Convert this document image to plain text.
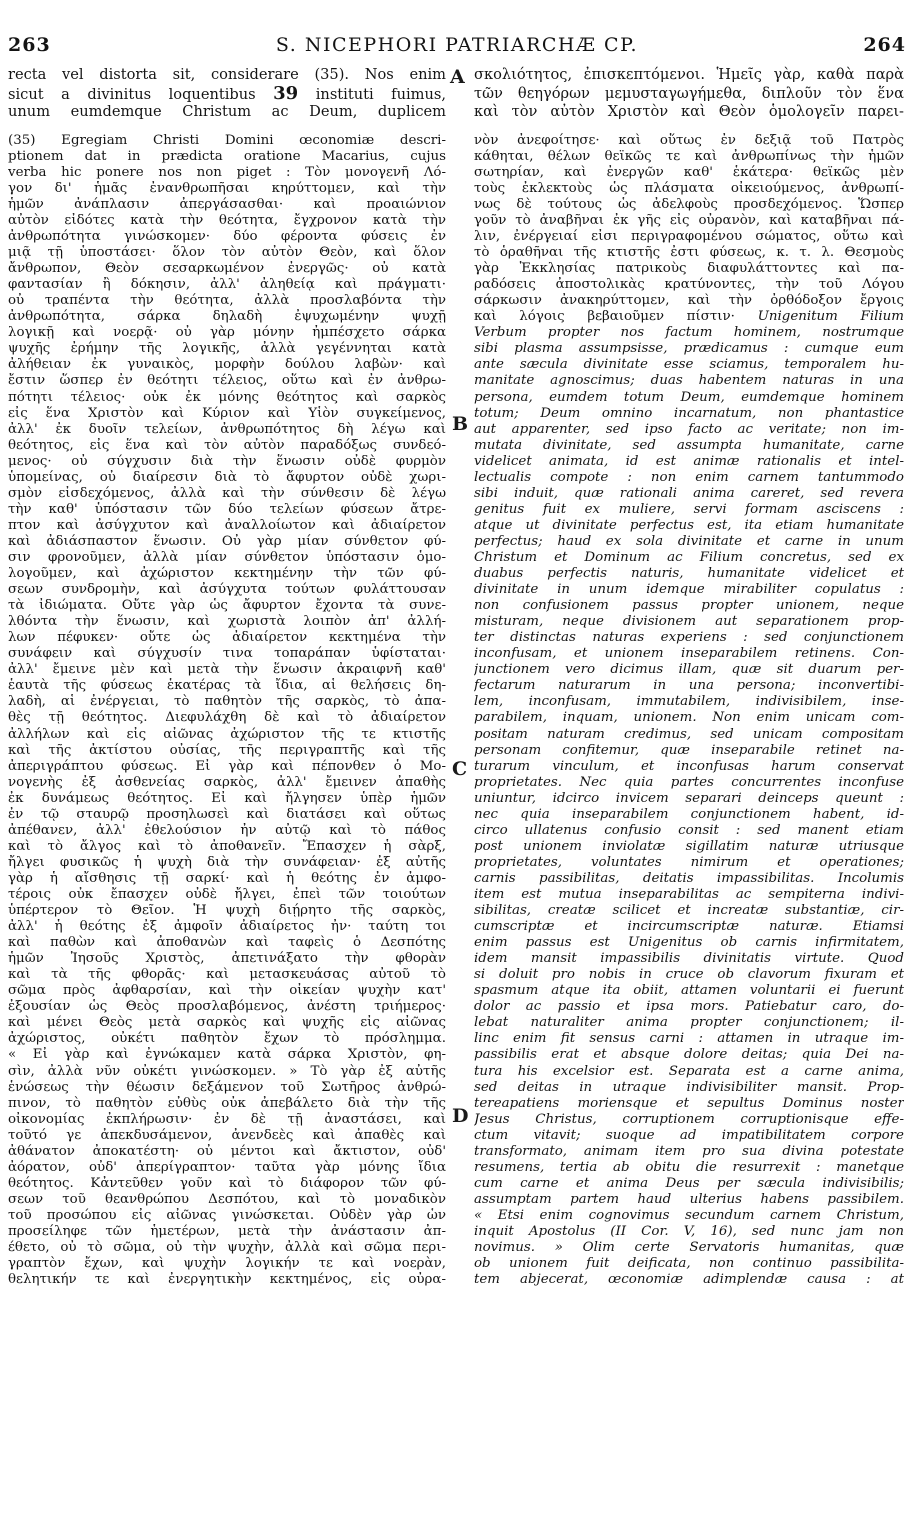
263	S. NICEPHORI PATRIARCHÆ CP.	264
A
B
C
D
recta vel distorta sit, considerare (35). Nos enim
sicut a divinitus loquentibus 39 instituti fuimus,
unum eumdemque Christum ac Deum, duplicem
(35) Egregiam Christi Domini œconomiæ descri-
ptionem dat in prædicta oratione Macarius, cujus
verba hic ponere nos non piget : Τὸν μονογενῆ Λό-
γον δι' ἡμᾶς ἐνανθρωπῆσαι κηρύττομεν, καὶ τὴν
ἡμῶν ἀνάπλασιν ἀπεργάσασθαι· καὶ προαιώνιον
αὐτὸν εἰδότες κατὰ τὴν θεότητα, ἔγχρονον κατὰ τὴν
ἀνθρωπότητα γινώσκομεν· δύο φέροντα φύσεις ἐν
μιᾷ τῇ ὑποστάσει· ὅλον τὸν αὐτὸν Θεὸν, καὶ ὅλον
ἄνθρωπον, Θεὸν σεσαρκωμένον ἐνεργῶς· οὐ κατὰ
φαντασίαν ἢ δόκησιν, ἀλλ' ἀληθείᾳ καὶ πράγματι·
οὐ τραπέντα τὴν θεότητα, ἀλλὰ προσλαβόντα τὴν
ἀνθρωπότητα, σάρκα δηλαδὴ ἐψυχωμένην ψυχῇ
λογικῇ καὶ νοερᾷ· οὐ γὰρ μόνην ἠμπέσχετο σάρκα
ψυχῆς ἐρήμην τῆς λογικῆς, ἀλλὰ γεγέννηται κατὰ
ἀλήθειαν ἐκ γυναικὸς, μορφὴν δούλου λαβὼν· καὶ
ἔστιν ὥσπερ ἐν θεότητι τέλειος, οὕτω καὶ ἐν ἀνθρω-
πότητι τέλειος· οὐκ ἐκ μόνης θεότητος καὶ σαρκὸς
εἰς ἕνα Χριστὸν καὶ Κύριον καὶ Υἱὸν συγκείμενος,
ἀλλ' ἐκ δυοῖν τελείων, ἀνθρωπότητος δὴ λέγω καὶ
θεότητος, εἰς ἕνα καὶ τὸν αὐτὸν παραδόξως συνδεό-
μενος· οὐ σύγχυσιν διὰ τὴν ἕνωσιν οὐδὲ φυρμὸν
ὑπομείνας, οὐ διαίρεσιν διὰ τὸ ἄφυρτον οὐδὲ χωρι-
σμὸν εἰσδεχόμενος, ἀλλὰ καὶ τὴν σύνθεσιν δὲ λέγω
τὴν καθ' ὑπόστασιν τῶν δύο τελείων φύσεων ἄτρε-
πτον καὶ ἀσύγχυτον καὶ ἀναλλοίωτον καὶ ἀδιαίρετον
καὶ ἀδιάσπαστον ἕνωσιν. Οὐ γὰρ μίαν σύνθετον φύ-
σιν φρονοῦμεν, ἀλλὰ μίαν σύνθετον ὑπόστασιν ὁμο-
λογοῦμεν, καὶ ἀχώριστον κεκτημένην τὴν τῶν φύ-
σεων συνδρομὴν, καὶ ἀσύγχυτα τούτων φυλάττουσαν
τὰ ἰδιώματα. Οὔτε γὰρ ὡς ἄφυρτον ἔχοντα τὰ συνε-
λθόντα τὴν ἕνωσιν, καὶ χωριστὰ λοιπὸν ἀπ' ἀλλή-
λων πέφυκεν· οὔτε ὡς ἀδιαίρετον κεκτημένα τὴν
συνάφειν καὶ σύγχυσίν τινα τοπαράπαν ὑφίσταται·
ἀλλ' ἔμεινε μὲν καὶ μετὰ τὴν ἕνωσιν ἀκραιφνῆ καθ'
ἑαυτὰ τῆς φύσεως ἑκατέρας τὰ ἴδια, αἱ θελήσεις δη-
λαδὴ, αἱ ἐνέργειαι, τὸ παθητὸν τῆς σαρκὸς, τὸ ἀπα-
θὲς τῇ θεότητος. Διεφυλάχθη δὲ καὶ τὸ ἀδιαίρετον
ἀλλήλων καὶ εἰς αἰῶνας ἀχώριστον τῆς τε κτιστῆς
καὶ τῆς ἀκτίστου οὐσίας, τῆς περιγραπτῆς καὶ τῆς
ἀπεριγράπτου φύσεως. Εἰ γὰρ καὶ πέπονθεν ὁ Μο-
νογενὴς ἐξ ἀσθενείας σαρκὸς, ἀλλ' ἔμεινεν ἀπαθὴς
ἐκ δυνάμεως θεότητος. Εἰ καὶ ἤλγησεν ὑπὲρ ἡμῶν
ἐν τῷ σταυρῷ προσηλωσεὶ καὶ διατάσει καὶ οὕτως
ἀπέθανεν, ἀλλ' ἐθελούσιον ἦν αὐτῷ καὶ τὸ πάθος
καὶ τὸ ἄλγος καὶ τὸ ἀποθανεῖν. Ἔπασχεν ἡ σὰρξ,
ἤλγει φυσικῶς ἡ ψυχὴ διὰ τὴν συνάφειαν· ἐξ αὐτῆς
γὰρ ἡ αἴσθησις τῇ σαρκί· καὶ ἡ θεότης ἐν ἀμφο-
τέροις οὐκ ἔπασχεν οὐδὲ ἤλγει, ἐπεὶ τῶν τοιούτων
ὑπέρτερον τὸ Θεῖον. Ἡ ψυχὴ διῄρητο τῆς σαρκὸς,
ἀλλ' ἡ θεότης ἐξ ἀμφοῖν ἀδιαίρετος ἦν· ταύτη τοι
καὶ παθὼν καὶ ἀποθανὼν καὶ ταφεὶς ὁ Δεσπότης
ἡμῶν Ἰησοῦς Χριστὸς, ἀπετινάξατο τὴν φθορὰν
καὶ τὰ τῆς φθορᾶς· καὶ μετασκευάσας αὐτοῦ τὸ
σῶμα πρὸς ἀφθαρσίαν, καὶ τὴν οἰκείαν ψυχὴν κατ'
ἐξουσίαν ὡς Θεὸς προσλαβόμενος, ἀνέστη τριήμερος·
καὶ μένει Θεὸς μετὰ σαρκὸς καὶ ψυχῆς εἰς αἰῶνας
ἀχώριστος, οὐκέτι παθητὸν ἔχων τὸ πρόσλημμα.
« Εἰ γὰρ καὶ ἐγνώκαμεν κατὰ σάρκα Χριστὸν, φη-
σὶν, ἀλλὰ νῦν οὐκέτι γινώσκομεν. » Τὸ γὰρ ἐξ αὐτῆς
ἑνώσεως τὴν θέωσιν δεξάμενον τοῦ Σωτῆρος ἀνθρώ-
πινον, τὸ παθητὸν εὐθὺς οὐκ ἀπεβάλετο διὰ τὴν τῆς
οἰκονομίας ἐκπλήρωσιν· ἐν δὲ τῇ ἀναστάσει, καὶ
τοῦτό γε ἀπεκδυσάμενον, ἀνενδεὲς καὶ ἀπαθὲς καὶ
ἀθάνατον ἀποκατέστη· οὐ μέντοι καὶ ἄκτιστον, οὐδ'
ἀόρατον, οὐδ' ἀπερίγραπτον· ταῦτα γὰρ μόνης ἴδια
θεότητος. Κἀντεῦθεν γοῦν καὶ τὸ διάφορον τῶν φύ-
σεων τοῦ θεανθρώπου Δεσπότου, καὶ τὸ μοναδικὸν
τοῦ προσώπου εἰς αἰῶνας γινώσκεται. Οὐδὲν γὰρ ὧν
προσείληφε τῶν ἡμετέρων, μετὰ τὴν ἀνάστασιν ἀπ-
έθετο, οὐ τὸ σῶμα, οὐ τὴν ψυχὴν, ἀλλὰ καὶ σῶμα περι-
γραπτὸν ἔχων, καὶ ψυχὴν λογικήν τε καὶ νοερὰν,
θελητικήν τε καὶ ἐνεργητικὴν κεκτημένος, εἰς οὐρα-
σκολιότητος, ἐπισκεπτόμενοι. Ἡμεῖς γὰρ, καθὰ παρὰ
τῶν θεηγόρων μεμυσταγωγήμεθα, διπλοῦν τὸν ἕνα
καὶ τὸν αὐτὸν Χριστὸν καὶ Θεὸν ὁμολογεῖν παρει-
νὸν ἀνεφοίτησε· καὶ οὕτως ἐν δεξιᾷ τοῦ Πατρὸς
κάθηται, θέλων θεϊκῶς τε καὶ ἀνθρωπίνως τὴν ἡμῶν
σωτηρίαν, καὶ ἐνεργῶν καθ' ἑκάτερα· θεϊκῶς μὲν
τοὺς ἐκλεκτοὺς ὡς πλάσματα οἰκειούμενος, ἀνθρωπί-
νως δὲ τούτους ὡς ἀδελφοὺς προσδεχόμενος. Ὥσπερ
γοῦν τὸ ἀναβῆναι ἐκ γῆς εἰς οὐρανὸν, καὶ καταβῆναι πά-
λιν, ἐνέργειαί εἰσι περιγραφομένου σώματος, οὕτω καὶ
τὸ ὁραθῆναι τῆς κτιστῆς ἐστι φύσεως, κ. τ. λ. Θεσμοὺς
γὰρ Ἐκκλησίας πατρικοὺς διαφυλάττοντες καὶ πα-
ραδόσεις ἀποστολικὰς κρατύνοντες, τὴν τοῦ Λόγου
σάρκωσιν ἀνακηρύττομεν, καὶ τὴν ὀρθόδοξον ἔργοις
καὶ λόγοις βεβαιοῦμεν πίστιν· Unigenitum Filium
Verbum propter nos factum hominem, nostrumque
sibi plasma assumpsisse, prædicamus : cumque eum
ante sæcula divinitate esse sciamus, temporalem hu-
manitate agnoscimus; duas habentem naturas in una
persona, eumdem totum Deum, eumdemque hominem
totum; Deum omnino incarnatum, non phantastice
aut apparenter, sed ipso facto ac veritate; non im-
mutata divinitate, sed assumpta humanitate, carne
videlicet animata, id est animæ rationalis et intel-
lectualis compote : non enim carnem tantummodo
sibi induit, quæ rationali anima careret, sed revera
genitus fuit ex muliere, servi formam asciscens :
atque ut divinitate perfectus est, ita etiam humanitate
perfectus; haud ex sola divinitate et carne in unum
Christum et Dominum ac Filium concretus, sed ex
duabus perfectis naturis, humanitate videlicet et
divinitate in unum idemque mirabiliter copulatus :
non confusionem passus propter unionem, neque
misturam, neque divisionem aut separationem prop-
ter distinctas naturas experiens : sed conjunctionem
inconfusam, et unionem inseparabilem retinens. Con-
junctionem vero dicimus illam, quæ sit duarum per-
fectarum naturarum in una persona; inconvertibi-
lem, inconfusam, immutabilem, indivisibilem, inse-
parabilem, inquam, unionem. Non enim unicam com-
positam naturam credimus, sed unicam compositam
personam confitemur, quæ inseparabile retinet na-
turarum vinculum, et inconfusas harum conservat
proprietates. Nec quia partes concurrentes inconfuse
uniuntur, idcirco invicem separari deinceps queunt :
nec quia inseparabilem conjunctionem habent, id-
circo ullatenus confusio consit : sed manent etiam
post unionem inviolatæ sigillatim naturæ utriusque
proprietates, voluntates nimirum et operationes;
carnis passibilitas, deitatis impassibilitas. Incolumis
item est mutua inseparabilitas ac sempiterna indivi-
sibilitas, creatæ scilicet et increatæ substantiæ, cir-
cumscriptæ et incircumscriptæ naturæ. Etiamsi
enim passus est Unigenitus ob carnis infirmitatem,
idem mansit impassibilis divinitatis virtute. Quod
si doluit pro nobis in cruce ob clavorum fixuram et
spasmum atque ita obiit, attamen voluntarii ei fuerunt
dolor ac passio et ipsa mors. Patiebatur caro, do-
lebat naturaliter anima propter conjunctionem; il-
linc enim fit sensus carni : attamen in utraque im-
passibilis erat et absque dolore deitas; quia Dei na-
tura his excelsior est. Separata est a carne anima,
sed deitas in utraque indivisibiliter mansit. Prop-
tereapatiens moriensque et sepultus Dominus noster
Jesus Christus, corruptionem corruptionisque effe-
ctum vitavit; suoque ad impatibilitatem corpore
transformato, animam item pro sua divina potestate
resumens, tertia ab obitu die resurrexit : manetque
cum carne et anima Deus per sæcula indivisibilis;
assumptam partem haud ulterius habens passibilem.
« Etsi enim cognovimus secundum carnem Christum,
inquit Apostolus (II Cor. V, 16), sed nunc jam non
novimus. » Olim certe Servatoris humanitas, quæ
ob unionem fuit deificata, non continuo passibilita-
tem abjecerat, œconomiæ adimplendæ causa : at
